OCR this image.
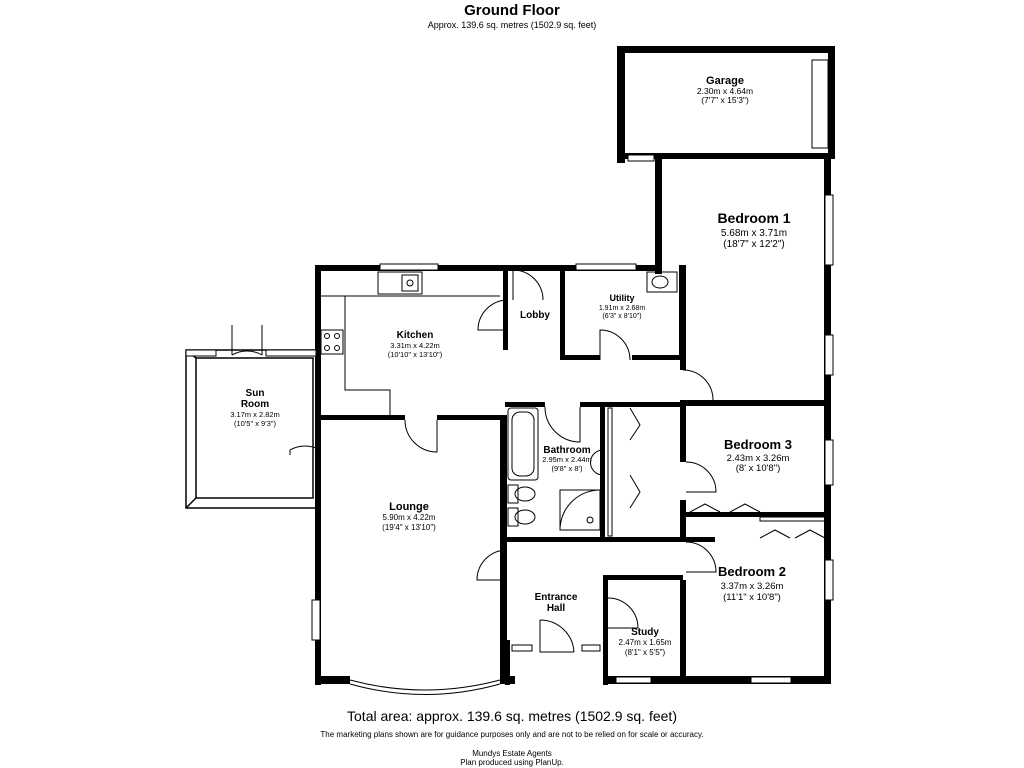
Ground Floor
Approx. 139.6 sq. metres (1502.9 sq. feet)
Garage
2.30m x 4.64m
(7'7" x 15'3")
Bedroom 1
5.68m x 3.71m
(18'7" x 12'2")
Utility
1.91m x 2.68m
(6'3" x 8'10")
Lobby
Kitchen
3.31m x 4.22m
(10'10" x 13'10")
Sun
Room
3.17m x 2.82m
(10'5" x 9'3")
Bathroom
2.95m x 2.44m
(9'8" x 8')
Bedroom 3
2.43m x 3.26m
(8' x 10'8")
Lounge
5.90m x 4.22m
(19'4" x 13'10")
Entrance
Hall
Study
2.47m x 1.65m
(8'1" x 5'5")
Bedroom 2
3.37m x 3.26m
(11'1" x 10'8")
Total area: approx. 139.6 sq. metres (1502.9 sq. feet)
The marketing plans shown are for guidance purposes only and are not to be relied on for scale or accuracy.
Mundys Estate Agents
Plan produced using PlanUp.
